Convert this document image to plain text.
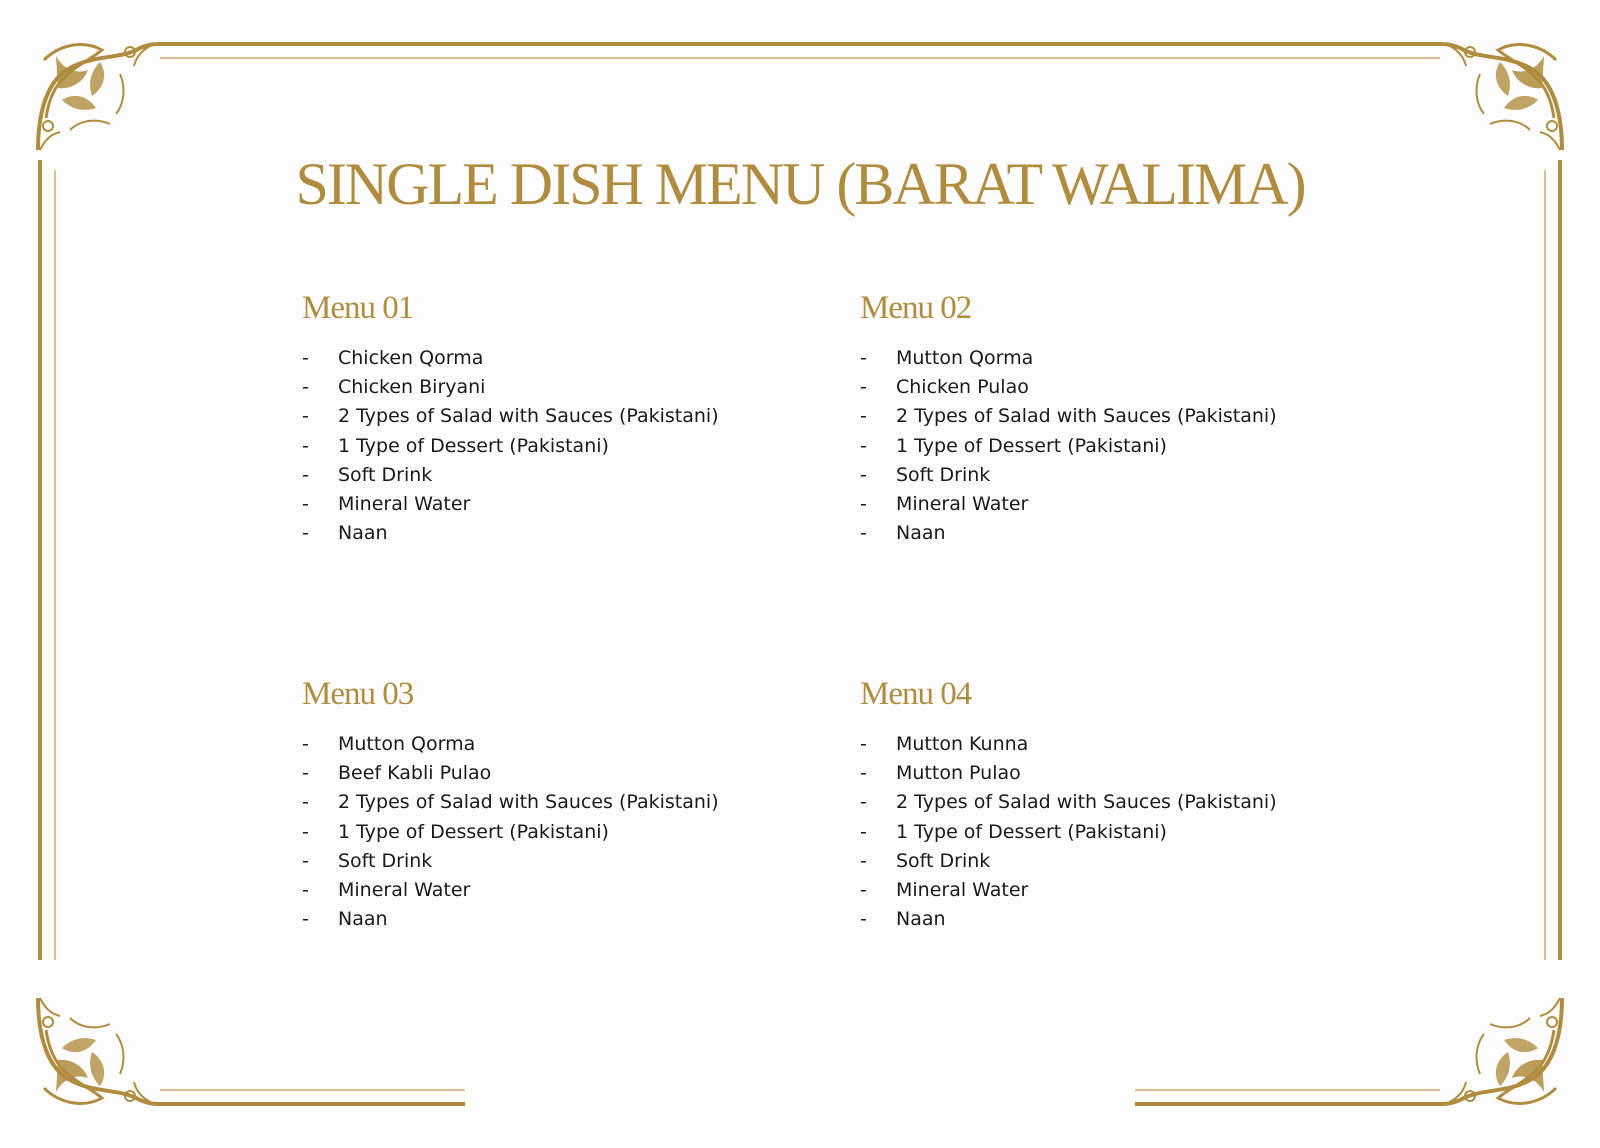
SINGLE DISH MENU (BARAT WALIMA)
Menu 01
- Chicken Qorma
- Chicken Biryani
- 2 Types of Salad with Sauces (Pakistani)
- 1 Type of Dessert (Pakistani)
- Soft Drink
- Mineral Water
- Naan
Menu 02
- Mutton Qorma
- Chicken Pulao
- 2 Types of Salad with Sauces (Pakistani)
- 1 Type of Dessert (Pakistani)
- Soft Drink
- Mineral Water
- Naan
Menu 03
- Mutton Qorma
- Beef Kabli Pulao
- 2 Types of Salad with Sauces (Pakistani)
- 1 Type of Dessert (Pakistani)
- Soft Drink
- Mineral Water
- Naan
Menu 04
- Mutton Kunna
- Mutton Pulao
- 2 Types of Salad with Sauces (Pakistani)
- 1 Type of Dessert (Pakistani)
- Soft Drink
- Mineral Water
- Naan
